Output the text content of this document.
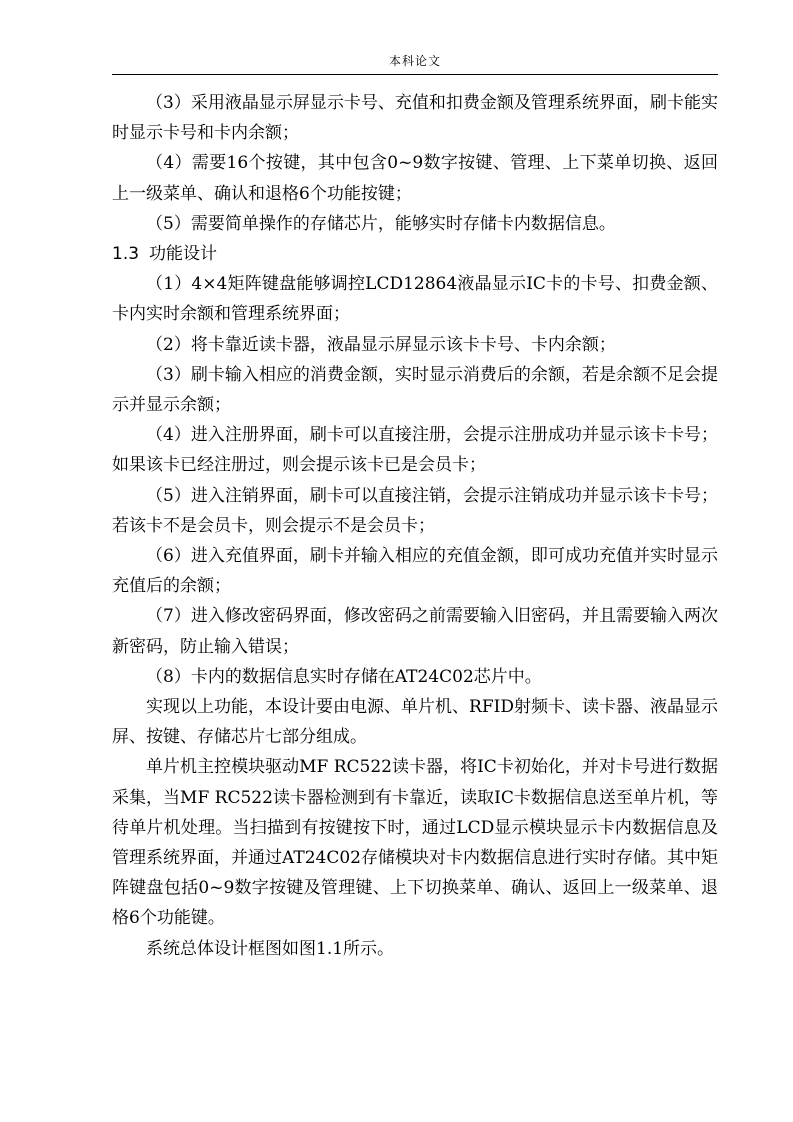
本科论文

（3）采用液晶显示屏显示卡号、充值和扣费金额及管理系统界面，刷卡能实时显示卡号和卡内余额；

（4）需要16个按键，其中包含0~9数字按键、管理、上下菜单切换、返回上一级菜单、确认和退格6个功能按键；

（5）需要简单操作的存储芯片，能够实时存储卡内数据信息。

1.3 功能设计

（1）4×4矩阵键盘能够调控LCD12864液晶显示IC卡的卡号、扣费金额、卡内实时余额和管理系统界面；

（2）将卡靠近读卡器，液晶显示屏显示该卡卡号、卡内余额；

（3）刷卡输入相应的消费金额，实时显示消费后的余额，若是余额不足会提示并显示余额；

（4）进入注册界面，刷卡可以直接注册，会提示注册成功并显示该卡卡号；如果该卡已经注册过，则会提示该卡已是会员卡；

（5）进入注销界面，刷卡可以直接注销，会提示注销成功并显示该卡卡号；若该卡不是会员卡，则会提示不是会员卡；

（6）进入充值界面，刷卡并输入相应的充值金额，即可成功充值并实时显示充值后的余额；

（7）进入修改密码界面，修改密码之前需要输入旧密码，并且需要输入两次新密码，防止输入错误；

（8）卡内的数据信息实时存储在AT24C02芯片中。

实现以上功能，本设计要由电源、单片机、RFID射频卡、读卡器、液晶显示屏、按键、存储芯片七部分组成。

单片机主控模块驱动MF RC522读卡器，将IC卡初始化，并对卡号进行数据采集，当MF RC522读卡器检测到有卡靠近，读取IC卡数据信息送至单片机，等待单片机处理。当扫描到有按键按下时，通过LCD显示模块显示卡内数据信息及管理系统界面，并通过AT24C02存储模块对卡内数据信息进行实时存储。其中矩阵键盘包括0~9数字按键及管理键、上下切换菜单、确认、返回上一级菜单、退格6个功能键。

系统总体设计框图如图1.1所示。
